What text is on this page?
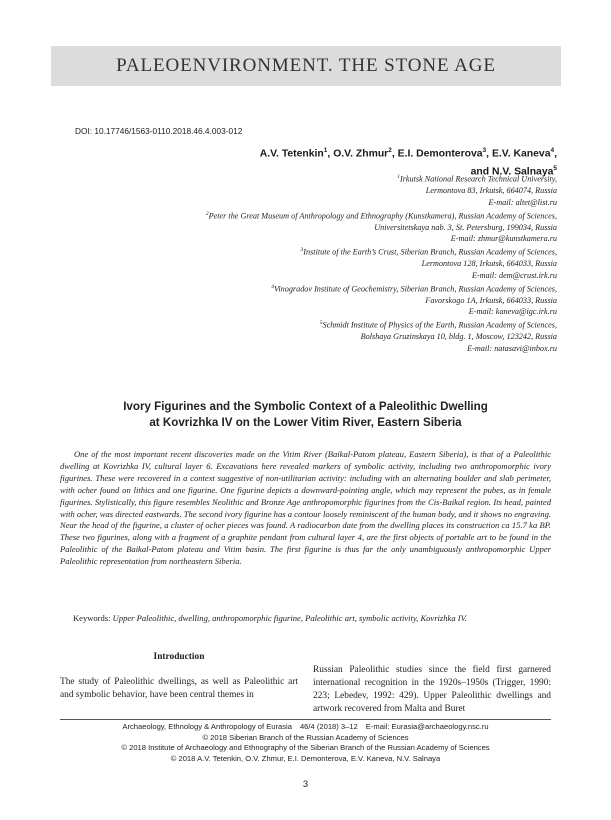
PALEOENVIRONMENT. THE STONE AGE
DOI: 10.17746/1563-0110.2018.46.4.003-012
A.V. Tetenkin$^1$, O.V. Zhmur$^2$, E.I. Demonterova$^3$, E.V. Kaneva$^4$,
and N.V. Salnaya$^5$
$^1$Irkutsk National Research Technical University,
Lermontova 83, Irkutsk, 664074, Russia
E-mail: altet@list.ru
$^2$Peter the Great Museum of Anthropology and Ethnography (Kunstkamera), Russian Academy of Sciences,
Universitetskaya nab. 3, St. Petersburg, 199034, Russia
E-mail: zhmur@kunstkamera.ru
$^3$Institute of the Earth’s Crust, Siberian Branch, Russian Academy of Sciences,
Lermontova 128, Irkutsk, 664033, Russia
E-mail: dem@crust.irk.ru
$^4$Vinogradov Institute of Geochemistry, Siberian Branch, Russian Academy of Sciences,
Favorskogo 1A, Irkutsk, 664033, Russia
E-mail: kaneva@igc.irk.ru
$^5$Schmidt Institute of Physics of the Earth, Russian Academy of Sciences,
Bolshaya Gruzinskaya 10, bldg. 1, Moscow, 123242, Russia
E-mail: natasavi@inbox.ru
Ivory Figurines and the Symbolic Context of a Paleolithic Dwelling
at Kovrizhka IV on the Lower Vitim River, Eastern Siberia
One of the most important recent discoveries made on the Vitim River (Baikal-Patom plateau, Eastern Siberia), is that of a Paleolithic dwelling at Kovrizhka IV, cultural layer 6. Excavations here revealed markers of symbolic activity, including two anthropomorphic ivory figurines. These were recovered in a context suggestive of non-utilitarian activity: including with an alternating boulder and slab perimeter, with ocher found on lithics and one figurine. One figurine depicts a downward-pointing angle, which may represent the pubes, as in female figurines. Stylistically, this figure resembles Neolithic and Bronze Age anthropomorphic figurines from the Cis-Baikal region. Its head, painted with ocher, was directed eastwards. The second ivory figurine has a contour loosely reminiscent of the human body, and it shows no engraving. Near the head of the figurine, a cluster of ocher pieces was found. A radiocarbon date from the dwelling places its construction ca 15.7 ka BP. These two figurines, along with a fragment of a graphite pendant from cultural layer 4, are the first objects of portable art to be found in the Paleolithic of the Baikal-Patom plateau and Vitim basin. The first figurine is thus far the only unambiguously anthropomorphic Upper Paleolithic representation from northeastern Siberia.
Keywords: Upper Paleolithic, dwelling, anthropomorphic figurine, Paleolithic art, symbolic activity, Kovrizhka IV.
Introduction
The study of Paleolithic dwellings, as well as Paleolithic art and symbolic behavior, have been central themes in
Russian Paleolithic studies since the field first garnered international recognition in the 1920s–1950s (Trigger, 1990: 223; Lebedev, 1992: 429). Upper Paleolithic dwellings and artwork recovered from Malta and Buret
Archaeology, Ethnology & Anthropology of Eurasia 46/4 (2018) 3–12 E-mail: Eurasia@archaeology.nsc.ru
© 2018 Siberian Branch of the Russian Academy of Sciences
© 2018 Institute of Archaeology and Ethnography of the Siberian Branch of the Russian Academy of Sciences
© 2018 A.V. Tetenkin, O.V. Zhmur, E.I. Demonterova, E.V. Kaneva, N.V. Salnaya
3
